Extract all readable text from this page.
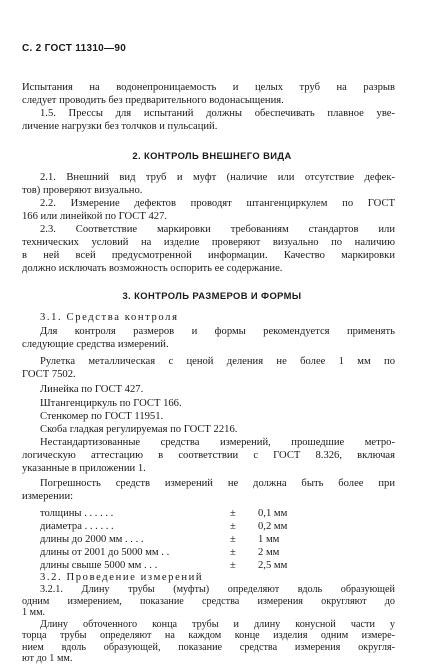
С. 2 ГОСТ 11310—90
Испытания на водонепроницаемость и целых труб на разрыв
следует проводить без предварительного водонасыщения.
1.5. Прессы для испытаний должны обеспечивать плавное уве-
личение нагрузки без толчков и пульсаций.
2. КОНТРОЛЬ ВНЕШНЕГО ВИДА
2.1. Внешний вид труб и муфт (наличие или отсутствие дефек-
тов) проверяют визуально.
2.2. Измерение дефектов проводят штангенциркулем по ГОСТ
166 или линейкой по ГОСТ 427.
2.3. Соответствие маркировки требованиям стандартов или
технических условий на изделие проверяют визуально по наличию
в ней всей предусмотренной информации. Качество маркировки
должно исключать возможность оспорить ее содержание.
3. КОНТРОЛЬ РАЗМЕРОВ И ФОРМЫ
3.1. Средства контроля
Для контроля размеров и формы рекомендуется применять
следующие средства измерений.
Рулетка металлическая с ценой деления не более 1 мм по
ГОСТ 7502.
Линейка по ГОСТ 427.
Штангенциркуль по ГОСТ 166.
Стенкомер по ГОСТ 11951.
Скоба гладкая регулируемая по ГОСТ 2216.
Нестандартизованные средства измерений, прошедшие метро-
логическую аттестацию в соответствии с ГОСТ 8.326, включая
указанные в приложении 1.
Погрешность средств измерений не должна быть более при
измерении:
толщины . . . . . .	± 0,1 мм
диаметра . . . . . .	± 0,2 мм
длины до 2000 мм . . . .	± 1 мм
длины от 2001 до 5000 мм . .	± 2 мм
длины свыше 5000 мм . . .	± 2,5 мм
3.2. Проведение измерений
3.2.1. Длину трубы (муфты) определяют вдоль образующей
одним измерением, показание средства измерения округляют до
1 мм.
Длину обточенного конца трубы и длину конусной части у
торца трубы определяют на каждом конце изделия одним измере-
нием вдоль образующей, показание средства измерения округля-
ют до 1 мм.
